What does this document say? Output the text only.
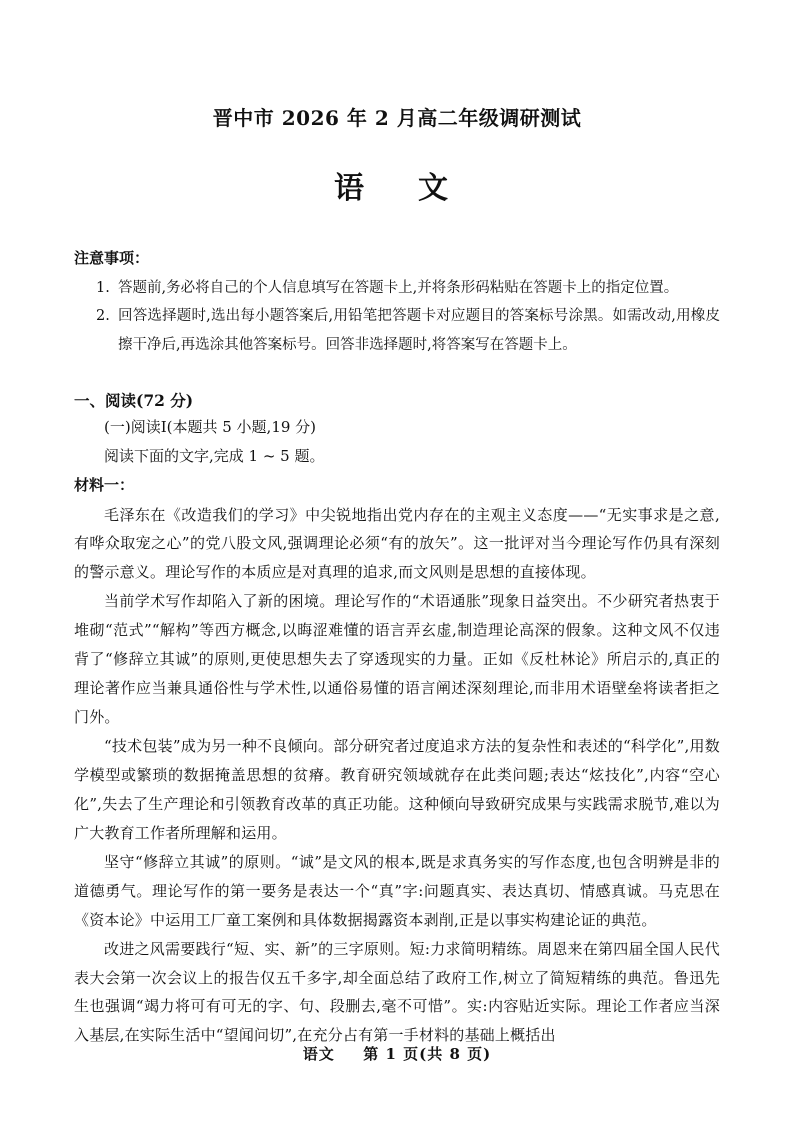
晋中市 2026 年 2 月高二年级调研测试
语　文
注意事项：
1. 答题前,务必将自己的个人信息填写在答题卡上,并将条形码粘贴在答题卡上的指定位置。
2. 回答选择题时,选出每小题答案后,用铅笔把答题卡对应题目的答案标号涂黑。如需改动,用橡皮擦干净后,再选涂其他答案标号。回答非选择题时,将答案写在答题卡上。
一、阅读(72 分)

(一)阅读Ⅰ(本题共 5 小题,19 分)

阅读下面的文字,完成 1 ~ 5 题。

材料一：

毛泽东在《改造我们的学习》中尖锐地指出党内存在的主观主义态度——“无实事求是之意,有哗众取宠之心”的党八股文风,强调理论必须“有的放矢”。这一批评对当今理论写作仍具有深刻的警示意义。理论写作的本质应是对真理的追求,而文风则是思想的直接体现。

当前学术写作却陷入了新的困境。理论写作的“术语通胀”现象日益突出。不少研究者热衷于堆砌“范式”“解构”等西方概念,以晦涩难懂的语言弄玄虚,制造理论高深的假象。这种文风不仅违背了“修辞立其诚”的原则,更使思想失去了穿透现实的力量。正如《反杜林论》所启示的,真正的理论著作应当兼具通俗性与学术性,以通俗易懂的语言阐述深刻理论,而非用术语壁垒将读者拒之门外。

“技术包装”成为另一种不良倾向。部分研究者过度追求方法的复杂性和表述的“科学化”,用数学模型或繁琐的数据掩盖思想的贫瘠。教育研究领域就存在此类问题;表达“炫技化”,内容“空心化”,失去了生产理论和引领教育改革的真正功能。这种倾向导致研究成果与实践需求脱节,难以为广大教育工作者所理解和运用。

坚守“修辞立其诚”的原则。“诚”是文风的根本,既是求真务实的写作态度,也包含明辨是非的道德勇气。理论写作的第一要务是表达一个“真”字:问题真实、表达真切、情感真诚。马克思在《资本论》中运用工厂童工案例和具体数据揭露资本剥削,正是以事实构建论证的典范。

改进之风需要践行“短、实、新”的三字原则。短:力求简明精练。周恩来在第四届全国人民代表大会第一次会议上的报告仅五千多字,却全面总结了政府工作,树立了简短精练的典范。鲁迅先生也强调“竭力将可有可无的字、句、段删去,毫不可惜”。实:内容贴近实际。理论工作者应当深入基层,在实际生活中“望闻问切”,在充分占有第一手材料的基础上概括出

语文 第 1 页(共 8 页)
